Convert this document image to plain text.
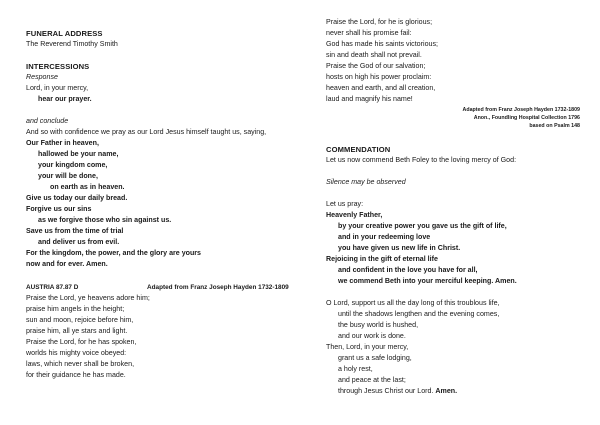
FUNERAL ADDRESS
The Reverend Timothy Smith
INTERCESSIONS
Response
Lord, in your mercy,
hear our prayer.
and conclude
And so with confidence we pray as our Lord Jesus himself taught us, saying,
Our Father in heaven,
hallowed be your name,
your kingdom come,
your will be done,
on earth as in heaven.
Give us today our daily bread.
Forgive us our sins
as we forgive those who sin against us.
Save us from the time of trial
and deliver us from evil.
For the kingdom, the power, and the glory are yours
now and for ever. Amen.
AUSTRIA 87.87 D	Adapted from Franz Joseph Hayden 1732-1809
Praise the Lord, ye heavens adore him;
praise him angels in the height;
sun and moon, rejoice before him,
praise him, all ye stars and light.
Praise the Lord, for he has spoken,
worlds his mighty voice obeyed:
laws, which never shall be broken,
for their guidance he has made.
Praise the Lord, for he is glorious;
never shall his promise fail:
God has made his saints victorious;
sin and death shall not prevail.
Praise the God of our salvation;
hosts on high his power proclaim:
heaven and earth, and all creation,
laud and magnify his name!
Adapted from Franz Joseph Hayden 1732-1809
Anon., Foundling Hospital Collection 1796
based on Psalm 148
COMMENDATION
Let us now commend Beth Foley to the loving mercy of God:
Silence may be observed
Let us pray:
Heavenly Father,
by your creative power you gave us the gift of life,
and in your redeeming love
you have given us new life in Christ.
Rejoicing in the gift of eternal life
and confident in the love you have for all,
we commend Beth into your merciful keeping. Amen.
O Lord, support us all the day long of this troublous life,
until the shadows lengthen and the evening comes,
the busy world is hushed,
and our work is done.
Then, Lord, in your mercy,
grant us a safe lodging,
a holy rest,
and peace at the last;
through Jesus Christ our Lord. Amen.
